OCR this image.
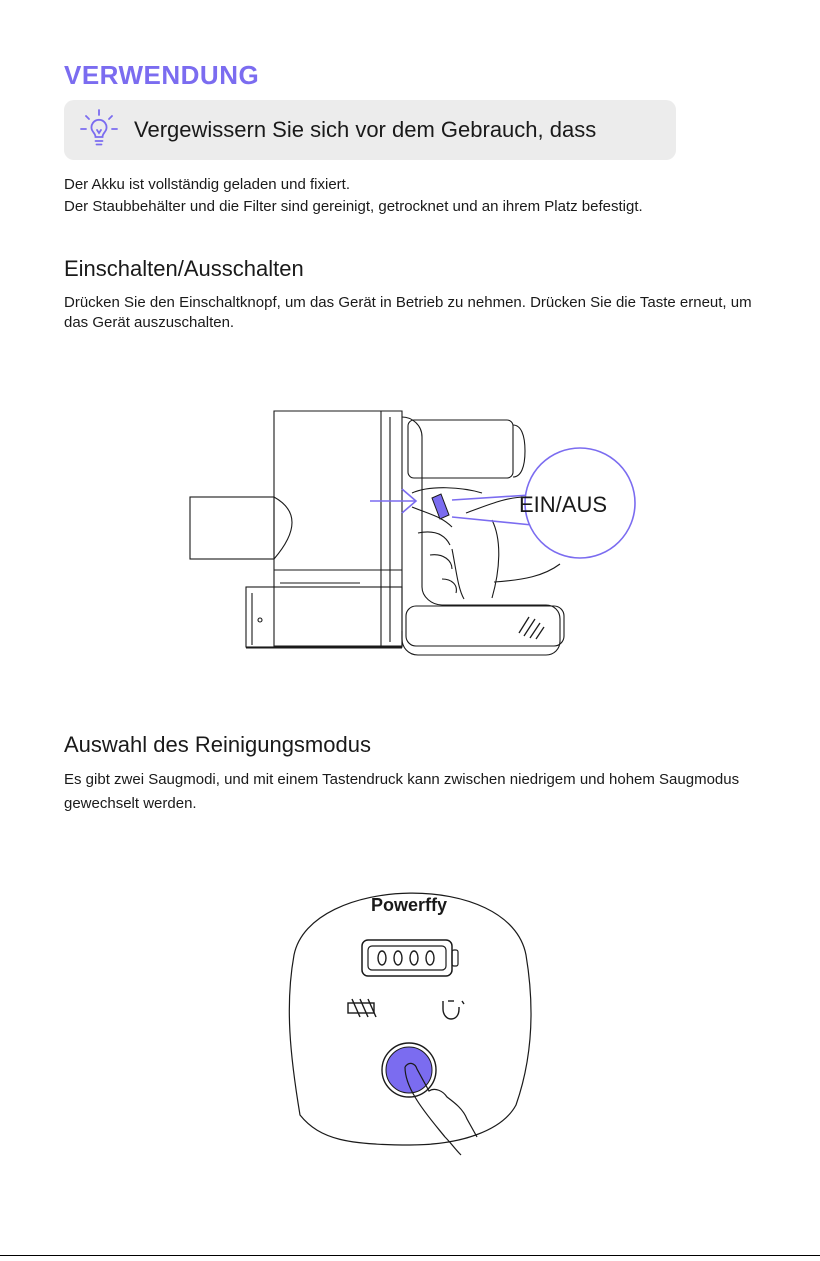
VERWENDUNG
Vergewissern Sie sich vor dem Gebrauch, dass
Der Akku ist vollständig geladen und fixiert.
Der Staubbehälter und die Filter sind gereinigt, getrocknet und an ihrem Platz befestigt.
Einschalten/Ausschalten
Drücken Sie den Einschaltknopf, um das Gerät in Betrieb zu nehmen. Drücken Sie die Taste erneut, um das Gerät auszuschalten.
EIN/AUS
Auswahl des Reinigungsmodus
Es gibt zwei Saugmodi, und mit einem Tastendruck kann zwischen niedrigem und hohem Saugmodus gewechselt werden.
Powerffy
